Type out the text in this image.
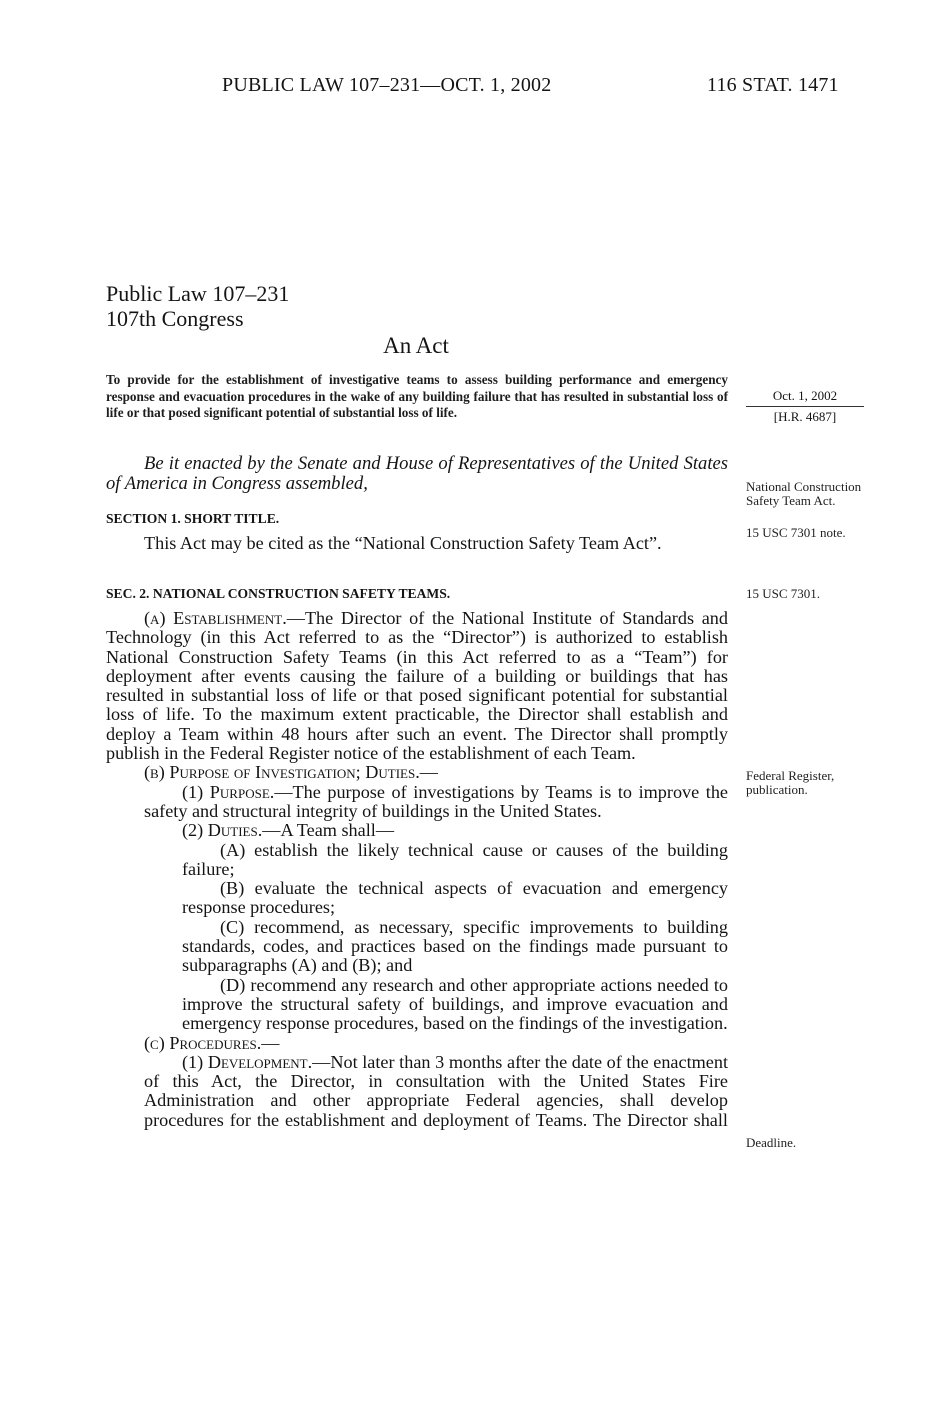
PUBLIC LAW 107–231—OCT. 1, 2002	116 STAT. 1471
Public Law 107–231
107th Congress
An Act
To provide for the establishment of investigative teams to assess building performance and emergency response and evacuation procedures in the wake of any building failure that has resulted in substantial loss of life or that posed significant potential of substantial loss of life.
Oct. 1, 2002
[H.R. 4687]
Be it enacted by the Senate and House of Representatives of the United States of America in Congress assembled,	National Construction Safety Team Act.
15 USC 7301 note.
15 USC 7301.
Federal Register, publication.
Deadline.
SECTION 1. SHORT TITLE.

This Act may be cited as the “National Construction Safety Team Act”.

SEC. 2. NATIONAL CONSTRUCTION SAFETY TEAMS.

(a) Establishment.—The Director of the National Institute of Standards and Technology (in this Act referred to as the “Director”) is authorized to establish National Construction Safety Teams (in this Act referred to as a “Team”) for deployment after events causing the failure of a building or buildings that has resulted in substantial loss of life or that posed significant potential for substantial loss of life. To the maximum extent practicable, the Director shall establish and deploy a Team within 48 hours after such an event. The Director shall promptly publish in the Federal Register notice of the establishment of each Team.

(b) Purpose of Investigation; Duties.—

(1) Purpose.—The purpose of investigations by Teams is to improve the safety and structural integrity of buildings in the United States.

(2) Duties.—A Team shall—

(A) establish the likely technical cause or causes of the building failure;

(B) evaluate the technical aspects of evacuation and emergency response procedures;

(C) recommend, as necessary, specific improvements to building standards, codes, and practices based on the findings made pursuant to subparagraphs (A) and (B); and

(D) recommend any research and other appropriate actions needed to improve the structural safety of buildings, and improve evacuation and emergency response procedures, based on the findings of the investigation.

(c) Procedures.—

(1) Development.—Not later than 3 months after the date of the enactment of this Act, the Director, in consultation with the United States Fire Administration and other appropriate Federal agencies, shall develop procedures for the establishment and deployment of Teams. The Director shall
